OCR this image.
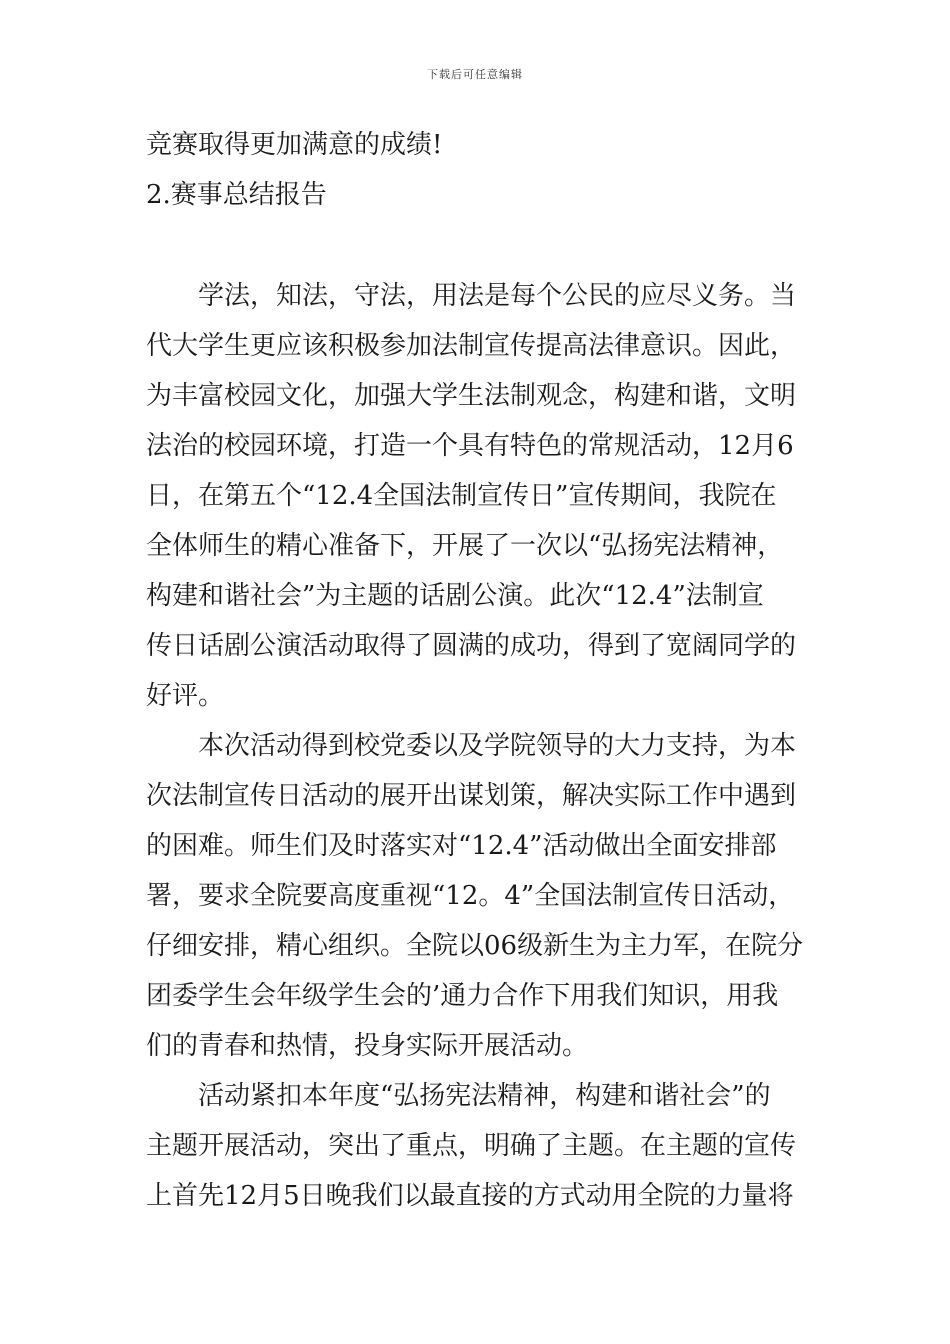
下载后可任意编辑
竞赛取得更加满意的成绩!
2.赛事总结报告
　　学法，知法，守法，用法是每个公民的应尽义务。当
代大学生更应该积极参加法制宣传提高法律意识。因此，
为丰富校园文化，加强大学生法制观念，构建和谐，文明
法治的校园环境，打造一个具有特色的常规活动，12月6
日，在第五个“12.4全国法制宣传日”宣传期间，我院在
全体师生的精心准备下，开展了一次以“弘扬宪法精神，
构建和谐社会”为主题的话剧公演。此次“12.4”法制宣
传日话剧公演活动取得了圆满的成功，得到了宽阔同学的
好评。
　　本次活动得到校党委以及学院领导的大力支持，为本
次法制宣传日活动的展开出谋划策，解决实际工作中遇到
的困难。师生们及时落实对“12.4”活动做出全面安排部
署，要求全院要高度重视“12。4”全国法制宣传日活动，
仔细安排，精心组织。全院以06级新生为主力军，在院分
团委学生会年级学生会的’通力合作下用我们知识，用我
们的青春和热情，投身实际开展活动。
　　活动紧扣本年度“弘扬宪法精神，构建和谐社会”的
主题开展活动，突出了重点，明确了主题。在主题的宣传
上首先12月5日晚我们以最直接的方式动用全院的力量将
